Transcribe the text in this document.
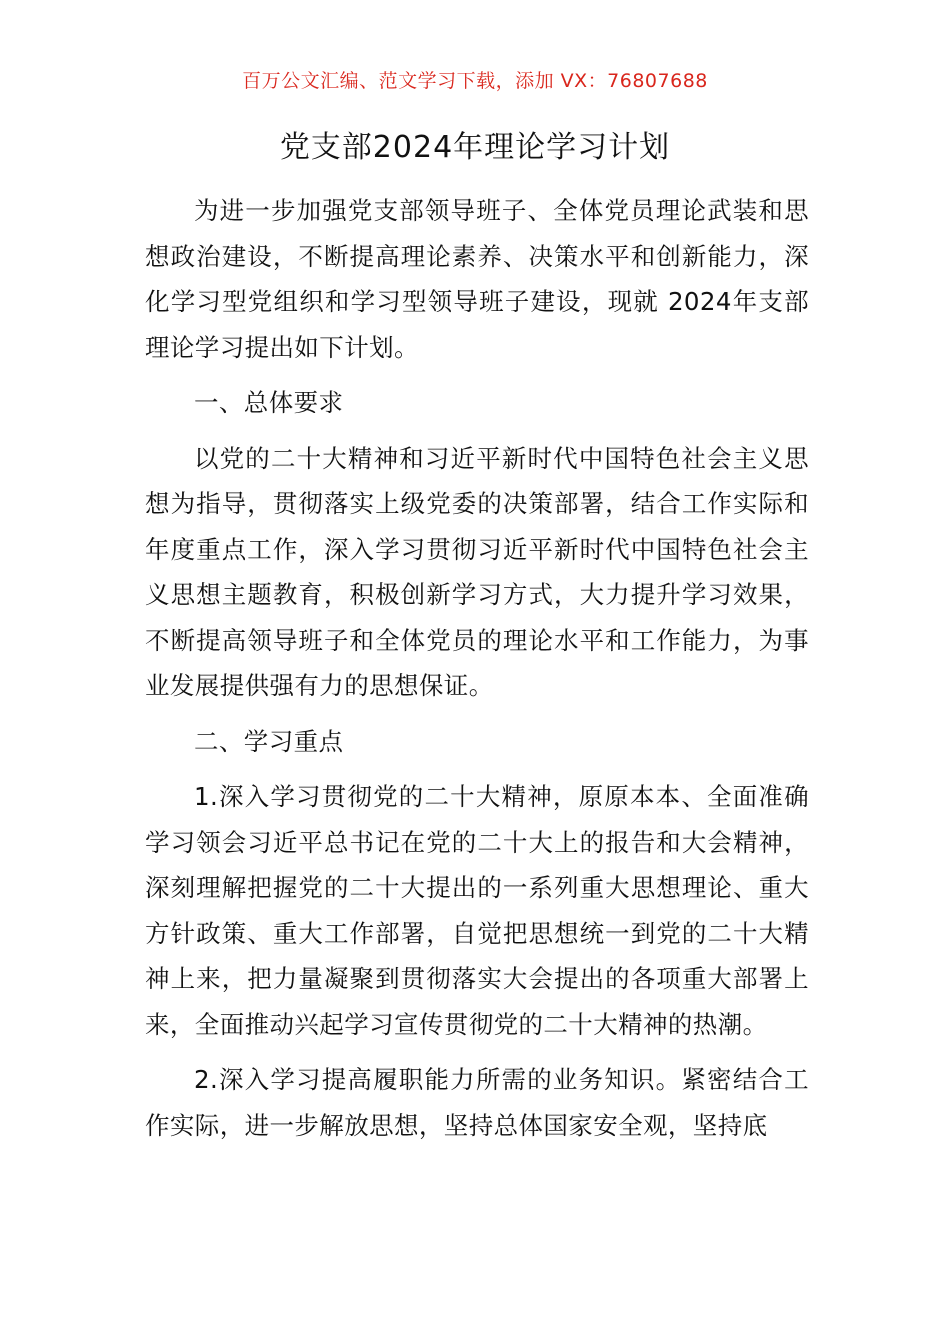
百万公文汇编、范文学习下载，添加 VX：76807688
党支部2024年理论学习计划

为进一步加强党支部领导班子、全体党员理论武装和思想政治建设，不断提高理论素养、决策水平和创新能力，深化学习型党组织和学习型领导班子建设，现就 2024年支部理论学习提出如下计划。

一、总体要求

以党的二十大精神和习近平新时代中国特色社会主义思想为指导，贯彻落实上级党委的决策部署，结合工作实际和年度重点工作，深入学习贯彻习近平新时代中国特色社会主义思想主题教育，积极创新学习方式，大力提升学习效果，不断提高领导班子和全体党员的理论水平和工作能力，为事业发展提供强有力的思想保证。

二、学习重点

1.深入学习贯彻党的二十大精神，原原本本、全面准确学习领会习近平总书记在党的二十大上的报告和大会精神，深刻理解把握党的二十大提出的一系列重大思想理论、重大方针政策、重大工作部署，自觉把思想统一到党的二十大精神上来，把力量凝聚到贯彻落实大会提出的各项重大部署上来，全面推动兴起学习宣传贯彻党的二十大精神的热潮。

2.深入学习提高履职能力所需的业务知识。紧密结合工作实际，进一步解放思想，坚持总体国家安全观，坚持底
